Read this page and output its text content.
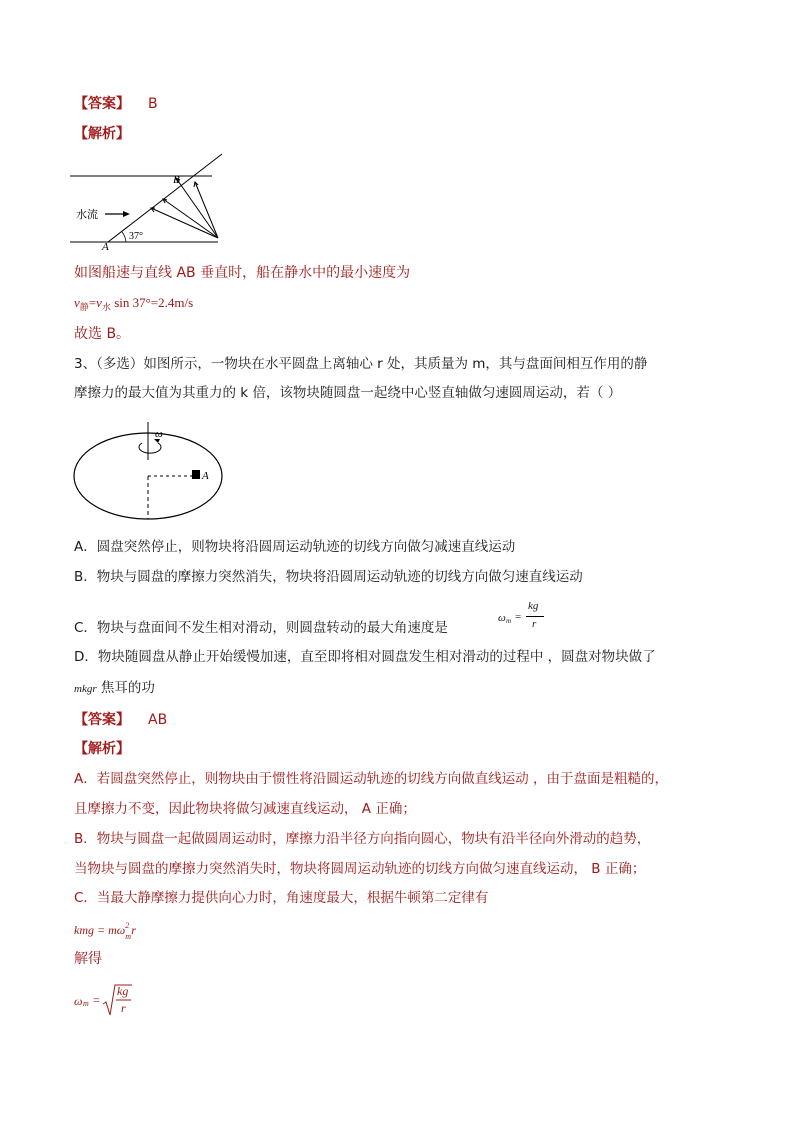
【答案】 B
【解析】
B
A
水流
37°
如图船速与直线 AB 垂直时，船在静水中的最小速度为
$v_静=v_水$ sin 37°=2.4m/s
故选 B。
3、（多选）如图所示，一物块在水平圆盘上离轴心 r 处，其质量为 m，其与盘面间相互作用的静
摩擦力的最大值为其重力的 k 倍，该物块随圆盘一起绕中心竖直轴做匀速圆周运动，若（ ）
ω
A
A．圆盘突然停止，则物块将沿圆周运动轨迹的切线方向做匀减速直线运动
B．物块与圆盘的摩擦力突然消失，物块将沿圆周运动轨迹的切线方向做匀速直线运动
C．物块与盘面间不发生相对滑动，则圆盘转动的最大角速度是
ω m =
kg
r
D．物块随圆盘从静止开始缓慢加速，直至即将相对圆盘发生相对滑动的过程中 ，圆盘对物块做了
mkgr 焦耳的功
【答案】 AB
【解析】
A．若圆盘突然停止，则物块由于惯性将沿圆运动轨迹的切线方向做直线运动 ，由于盘面是粗糙的，
且摩擦力不变，因此物块将做匀减速直线运动， A 正确；
B．物块与圆盘一起做圆周运动时，摩擦力沿半径方向指向圆心，物块有沿半径向外滑动的趋势，
当物块与圆盘的摩擦力突然消失时，物块将圆周运动轨迹的切线方向做匀速直线运动， B 正确；
C．当最大静摩擦力提供向心力时，角速度最大，根据牛顿第二定律有
kmg = mω 2
m r
解得
ω m =
kg
r
